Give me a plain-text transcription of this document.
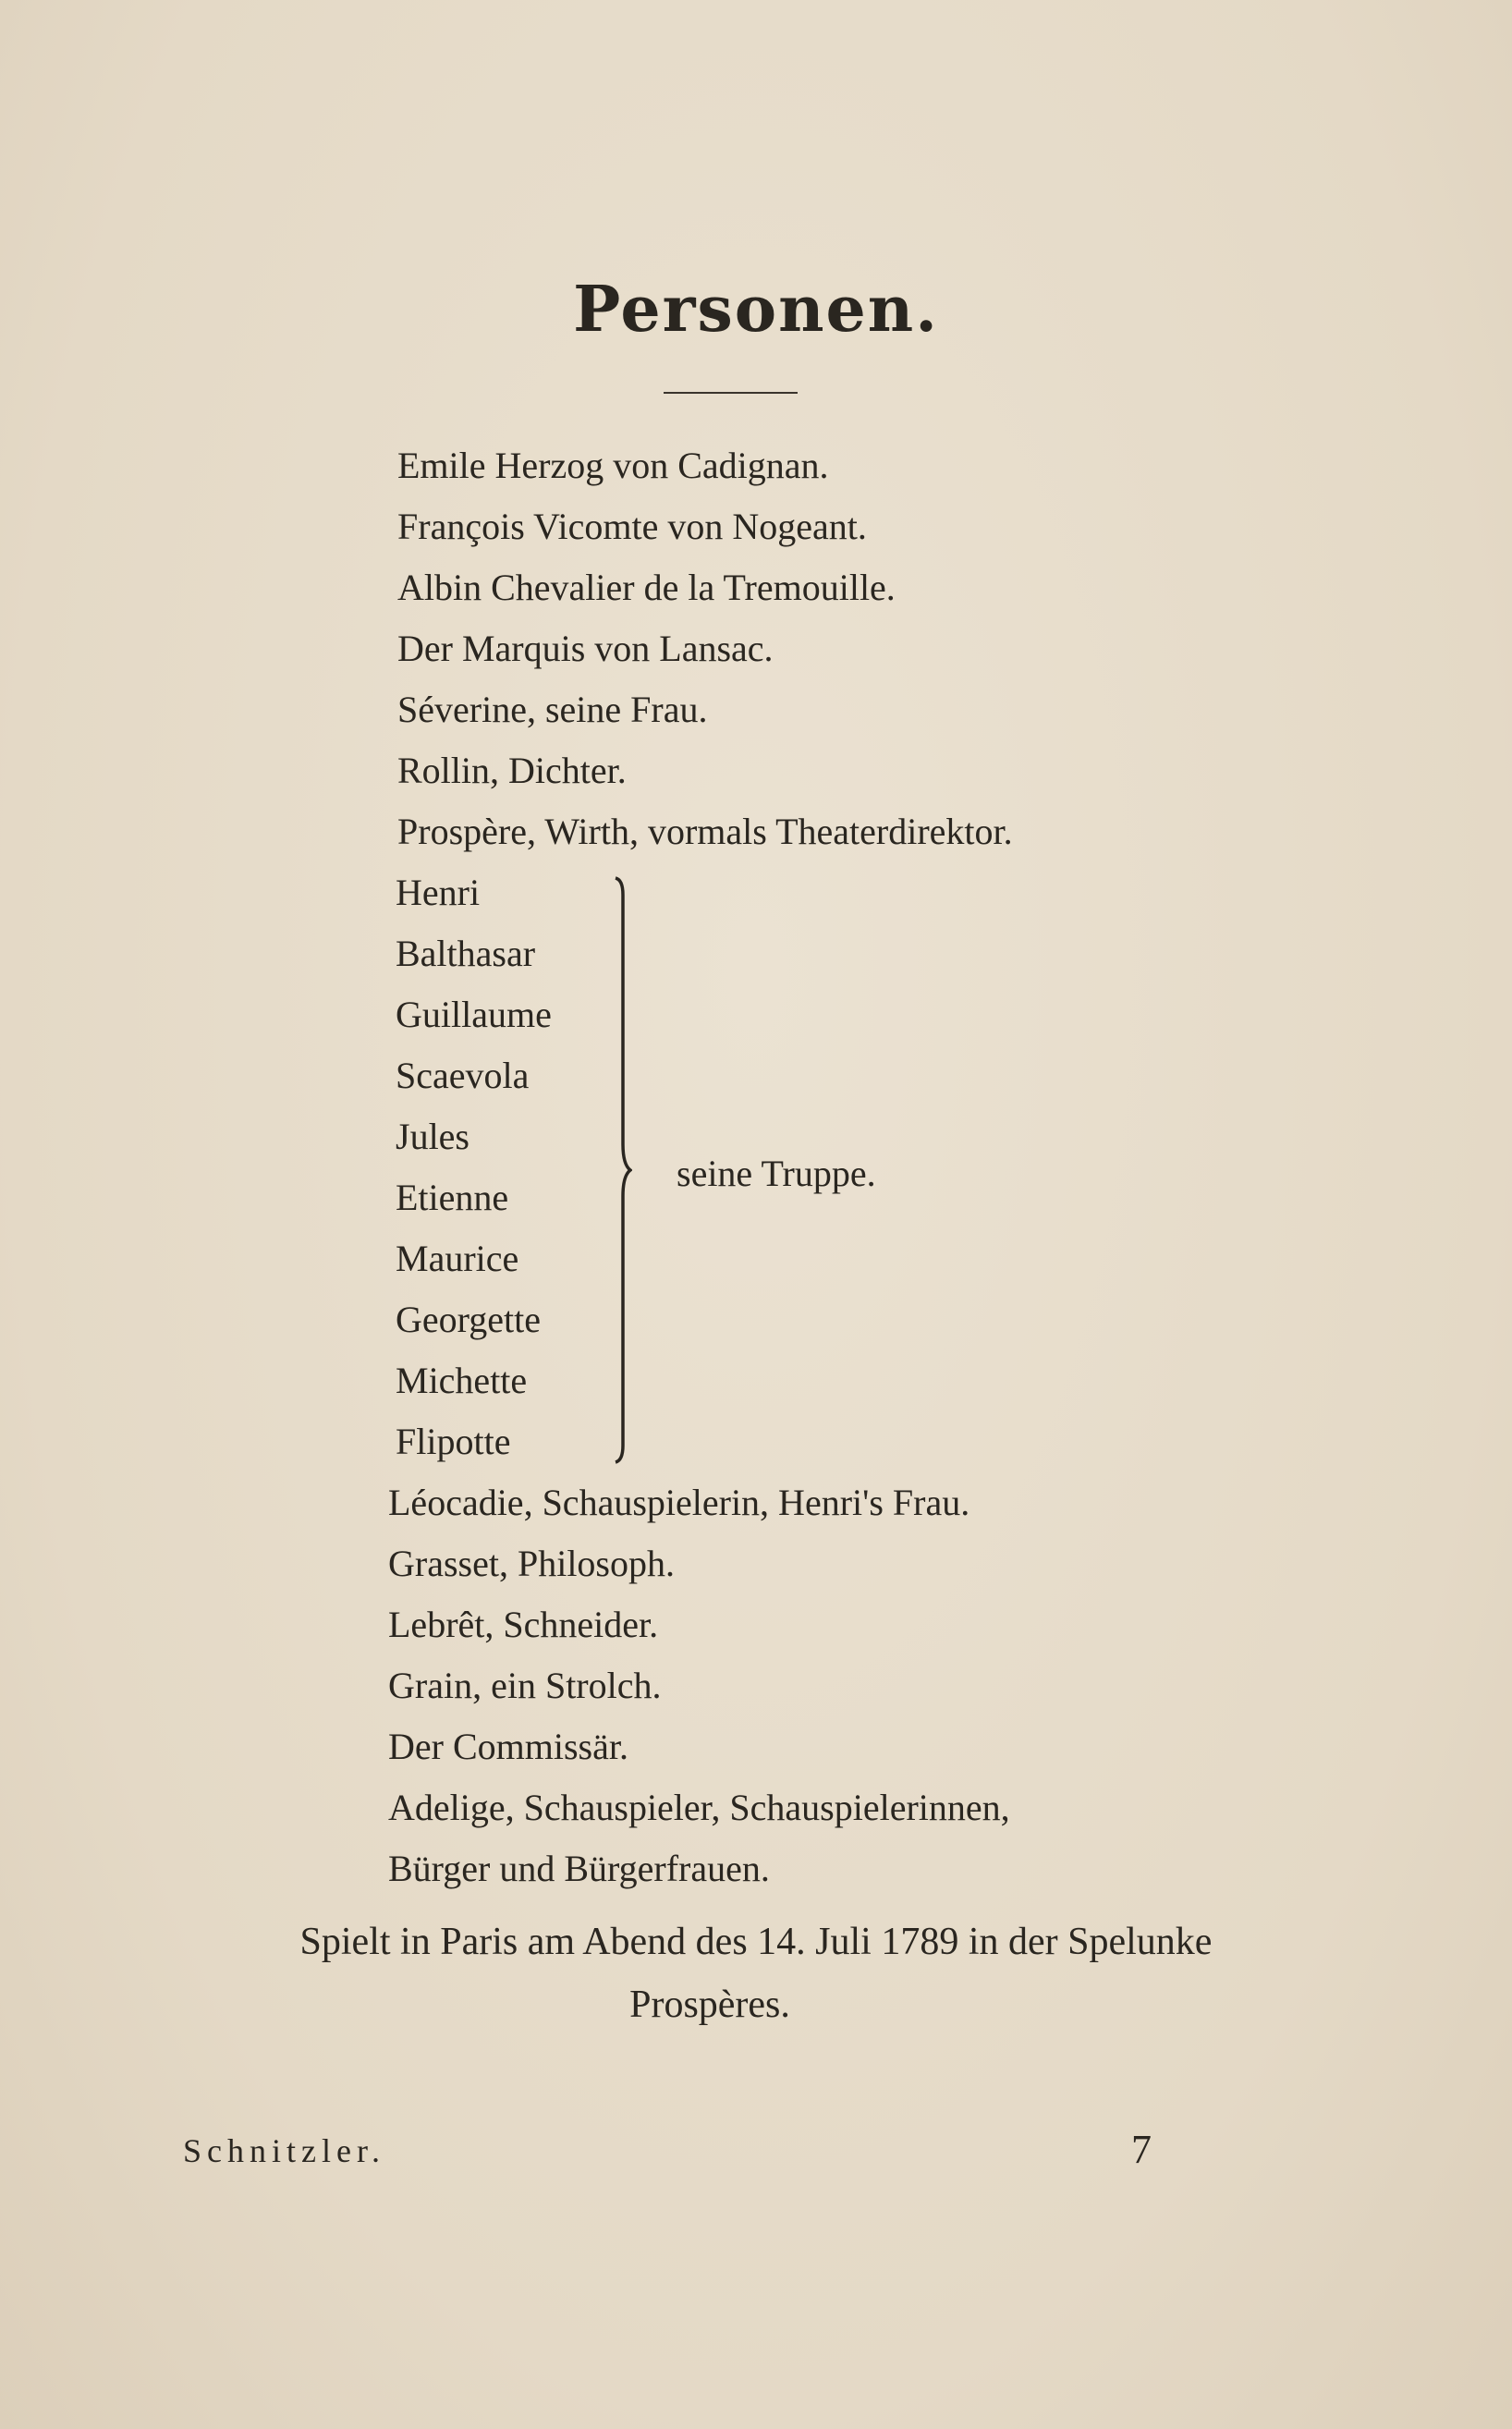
Personen.
Emile Herzog von Cadignan.
François Vicomte von Nogeant.
Albin Chevalier de la Tremouille.
Der Marquis von Lansac.
Séverine, seine Frau.
Rollin, Dichter.
Prospère, Wirth, vormals Theaterdirektor.
Henri
Balthasar
Guillaume
Scaevola
Jules
Etienne
Maurice
Georgette
Michette
Flipotte
seine Truppe.
Léocadie, Schauspielerin, Henri's Frau.
Grasset, Philosoph.
Lebrêt, Schneider.
Grain, ein Strolch.
Der Commissär.
Adelige, Schauspieler, Schauspielerinnen,
Bürger und Bürgerfrauen.
Spielt in Paris am Abend des 14. Juli 1789 in der Spelunke
Prospères.
Schnitzler.	7
